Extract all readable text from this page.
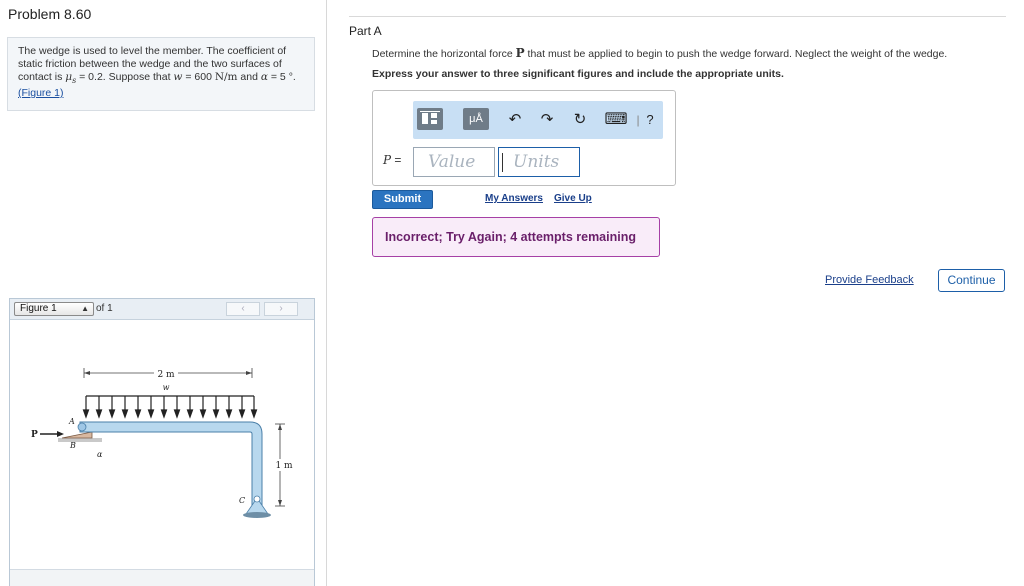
Problem 8.60
The wedge is used to level the member. The coefficient of static friction between the wedge and the two surfaces of contact is $\mu_s = 0.2$. Suppose that w = 600 N/m and α = 5 °. (Figure 1)
Figure 1	▲ of 1	‹	›
2 m
w
1 m
P
A
B
α
C
Part A
Determine the horizontal force P that must be applied to begin to push the wedge forward. Neglect the weight of the wedge.
Express your answer to three significant figures and include the appropriate units.
μÅ	↶ ↷ ↻ ⌨ | ?
P =	Value	Units
Submit	My Answers Give Up
Incorrect; Try Again; 4 attempts remaining
Provide Feedback	Continue
